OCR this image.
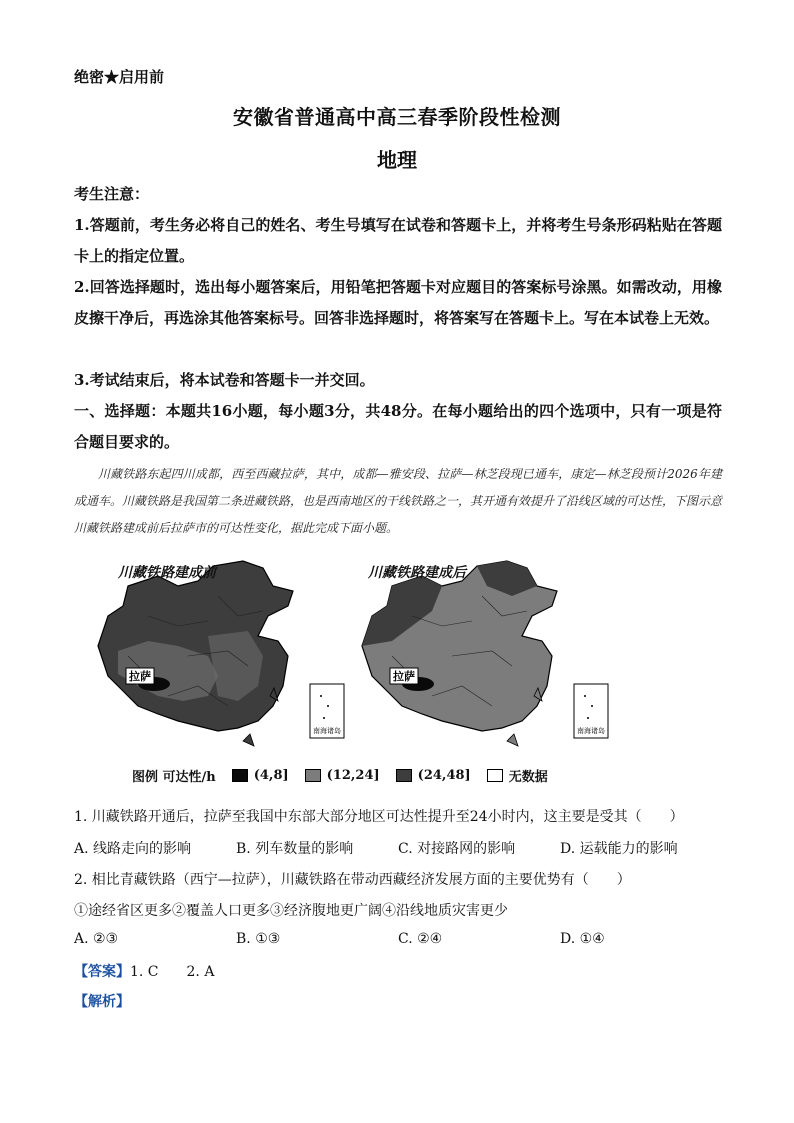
绝密★启用前
安徽省普通高中高三春季阶段性检测
地理
考生注意：
1.答题前，考生务必将自己的姓名、考生号填写在试卷和答题卡上，并将考生号条形码粘贴在答题卡上的指定位置。
2.回答选择题时，选出每小题答案后，用铅笔把答题卡对应题目的答案标号涂黑。如需改动，用橡皮擦干净后，再选涂其他答案标号。回答非选择题时，将答案写在答题卡上。写在本试卷上无效。
3.考试结束后，将本试卷和答题卡一并交回。
一、选择题：本题共16小题，每小题3分，共48分。在每小题给出的四个选项中，只有一项是符合题目要求的。
川藏铁路东起四川成都，西至西藏拉萨，其中，成都—雅安段、拉萨—林芝段现已通车，康定—林芝段预计2026年建成通车。川藏铁路是我国第二条进藏铁路，也是西南地区的干线铁路之一，其开通有效提升了沿线区域的可达性，下图示意川藏铁路建成前后拉萨市的可达性变化，据此完成下面小题。
拉萨
南海诸岛
川藏铁路建成前
拉萨
南海诸岛
川藏铁路建成后
图例 可达性/h	(4,8]	(12,24]	(24,48]	无数据
1. 川藏铁路开通后，拉萨至我国中东部大部分地区可达性提升至24小时内，这主要是受其（　　）
A. 线路走向的影响	B. 列车数量的影响	C. 对接路网的影响	D. 运载能力的影响
2. 相比青藏铁路（西宁—拉萨），川藏铁路在带动西藏经济发展方面的主要优势有（　　）
①途经省区更多②覆盖人口更多③经济腹地更广阔④沿线地质灾害更少
A. ②③	B. ①③	C. ②④	D. ①④
【答案】1. C　　2. A
【解析】
